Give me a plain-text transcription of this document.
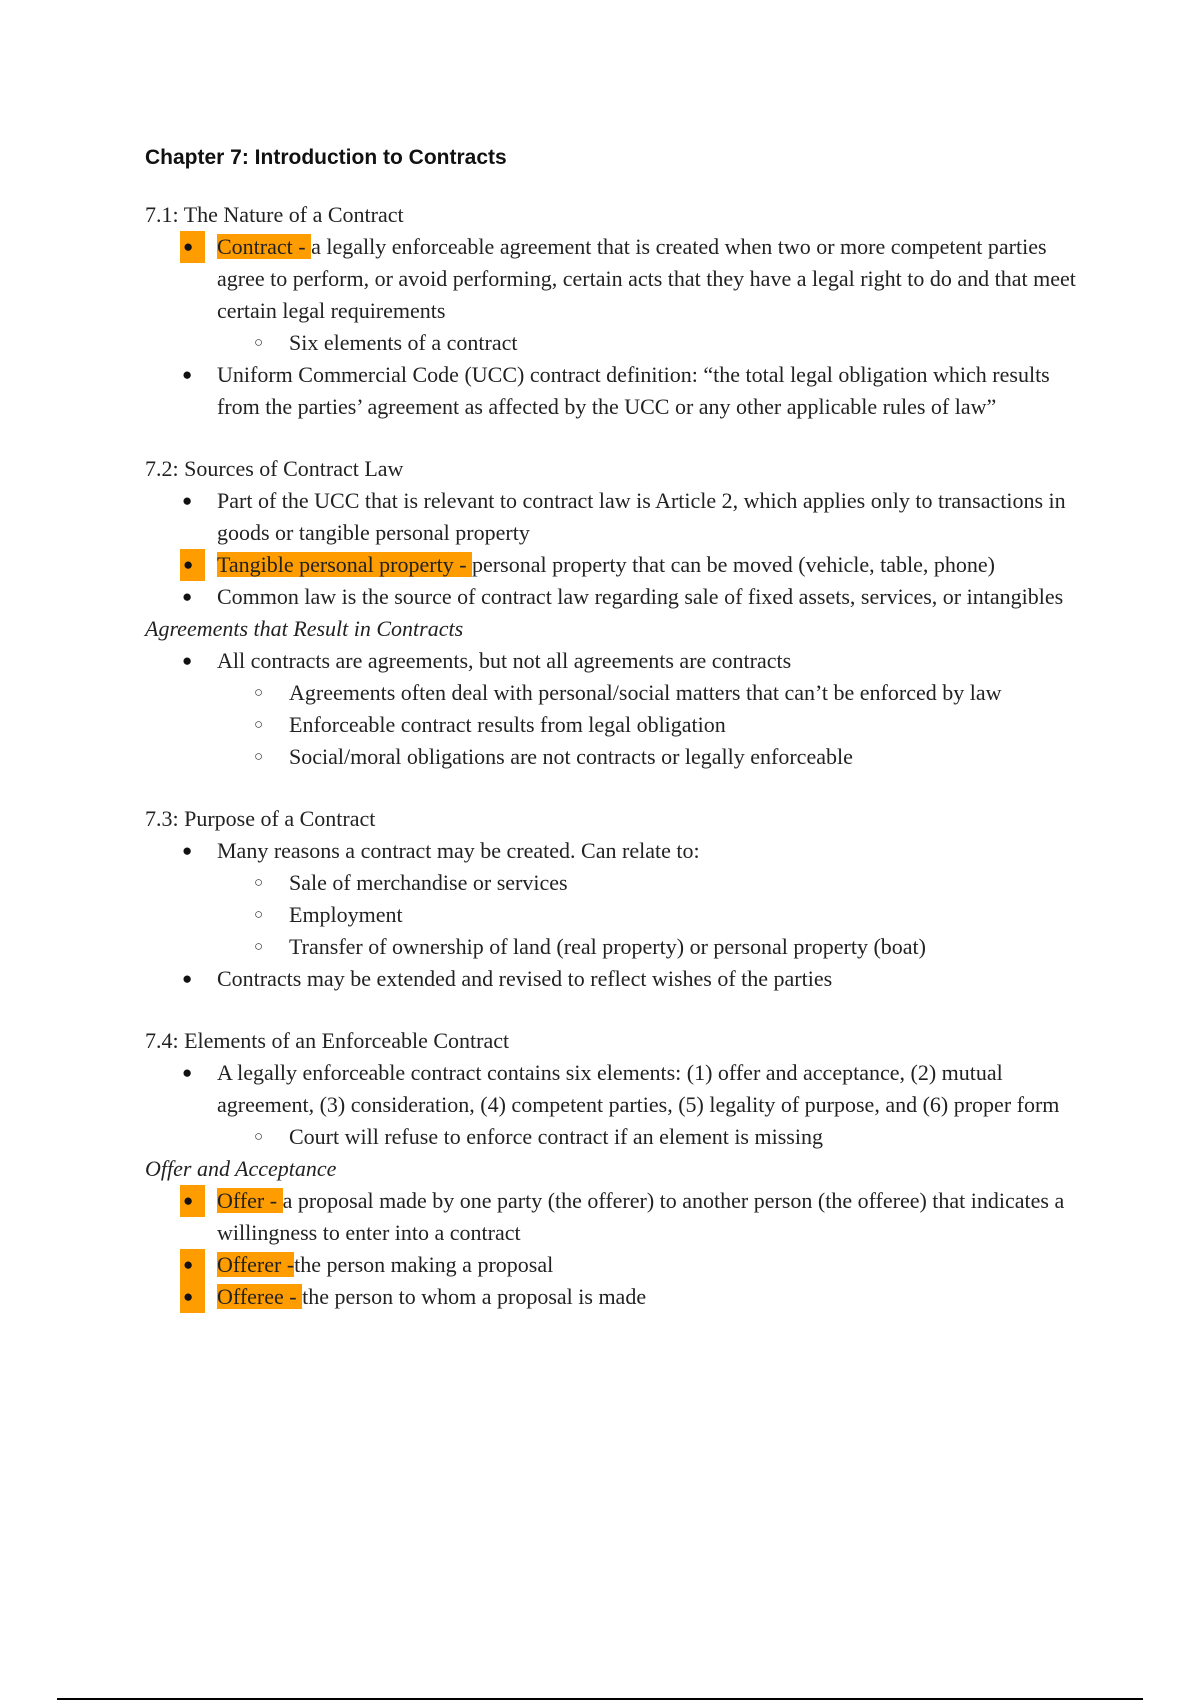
Chapter 7: Introduction to Contracts

7.1: The Nature of a Contract

● Contract - a legally enforceable agreement that is created when two or more competent parties agree to perform, or avoid performing, certain acts that they have a legal right to do and that meet certain legal requirements
○ Six elements of a contract
● Uniform Commercial Code (UCC) contract definition: “the total legal obligation which results from the parties’ agreement as affected by the UCC or any other applicable rules of law”

7.2: Sources of Contract Law

● Part of the UCC that is relevant to contract law is Article 2, which applies only to transactions in goods or tangible personal property
● Tangible personal property - personal property that can be moved (vehicle, table, phone)
● Common law is the source of contract law regarding sale of fixed assets, services, or intangibles

Agreements that Result in Contracts

● All contracts are agreements, but not all agreements are contracts
○ Agreements often deal with personal/social matters that can’t be enforced by law
○ Enforceable contract results from legal obligation
○ Social/moral obligations are not contracts or legally enforceable

7.3: Purpose of a Contract

● Many reasons a contract may be created. Can relate to:
○ Sale of merchandise or services
○ Employment
○ Transfer of ownership of land (real property) or personal property (boat)
● Contracts may be extended and revised to reflect wishes of the parties

7.4: Elements of an Enforceable Contract

● A legally enforceable contract contains six elements: (1) offer and acceptance, (2) mutual agreement, (3) consideration, (4) competent parties, (5) legality of purpose, and (6) proper form
○ Court will refuse to enforce contract if an element is missing

Offer and Acceptance

● Offer - a proposal made by one party (the offerer) to another person (the offeree) that indicates a willingness to enter into a contract
● Offerer -the person making a proposal
● Offeree - the person to whom a proposal is made
